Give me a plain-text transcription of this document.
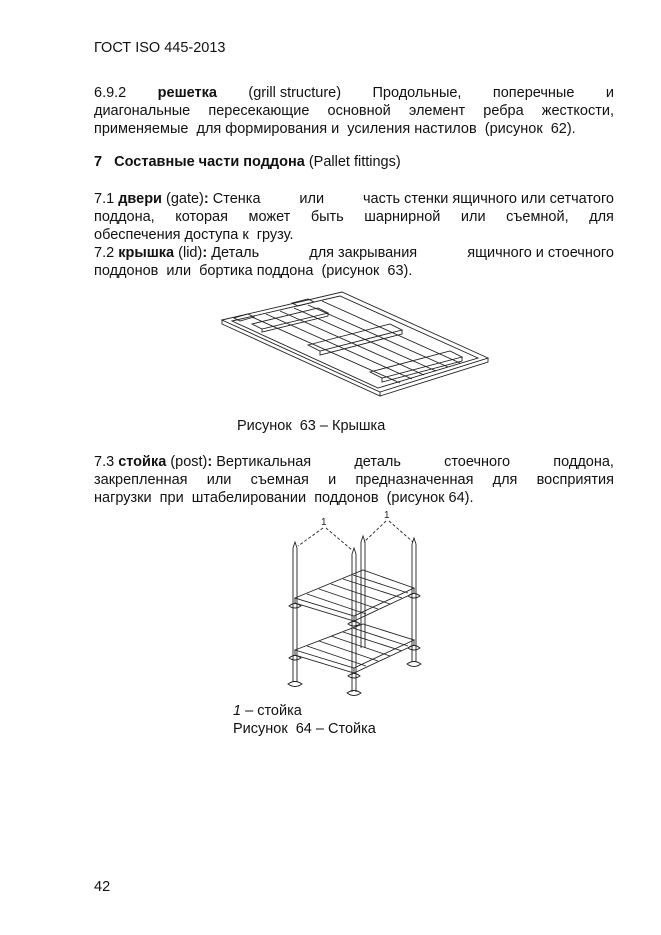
ГОСТ ISO 445-2013
6.9.2 решетка (grill structure) Продольные, поперечные и
диагональные пересекающие основной элемент ребра жесткости,
применяемые  для формирования и  усиления настилов  (рисунок  62).
7 Составные части поддона (Pallet fittings)
7.1 двери (gate): Стенка	или	часть стенки ящичного или сетчатого
поддона, которая может быть шарнирной или съемной, для
обеспечения доступа к  грузу.
7.2 крышка (lid): Деталь	для закрывания	ящичного и стоечного
поддонов  или  бортика поддона  (рисунок  63).
Рисунок  63 – Крышка
7.3 стойка (post): Вертикальная	деталь	стоечного	поддона,
закрепленная или съемная и предназначенная для восприятия
нагрузки  при  штабелировании  поддонов  (рисунок 64).
1
1
1 – стойка
Рисунок  64 – Стойка
42
